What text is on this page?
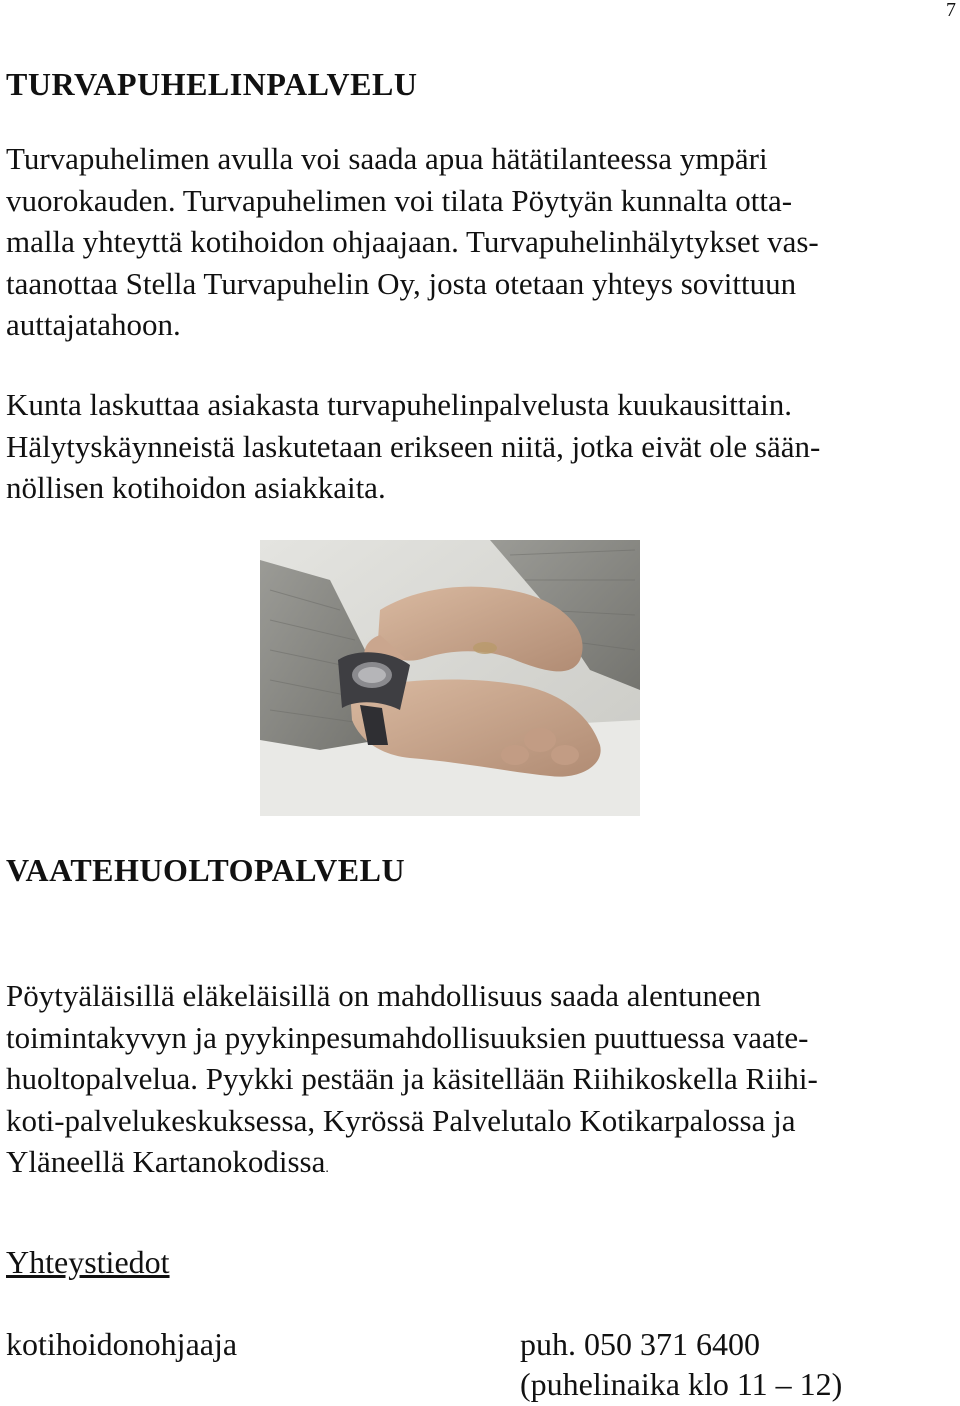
7
TURVAPUHELINPALVELU

Turvapuhelimen avulla voi saada apua hätätilanteessa ympäri
vuorokauden. Turvapuhelimen voi tilata Pöytyän kunnalta otta-
malla yhteyttä kotihoidon ohjaajaan. Turvapuhelinhälytykset vas-
taanottaa Stella Turvapuhelin Oy, josta otetaan yhteys sovittuun
auttajatahoon.

Kunta laskuttaa asiakasta turvapuhelinpalvelusta kuukausittain.
Hälytyskäynneistä laskutetaan erikseen niitä, jotka eivät ole sään-
nöllisen kotihoidon asiakkaita.

VAATEHUOLTOPALVELU

Pöytyäläisillä eläkeläisillä on mahdollisuus saada alentuneen
toimintakyvyn ja pyykinpesumahdollisuuksien puuttuessa vaate-
huoltopalvelua. Pyykki pestään ja käsitellään Riihikoskella Riihi-
koti-palvelukeskuksessa, Kyrössä Palvelutalo Kotikarpalossa ja
Yläneellä Kartanokodissa.

Yhteystiedot
kotihoidonohjaaja	puh. 050 371 6400
(puhelinaika klo 11 – 12)
